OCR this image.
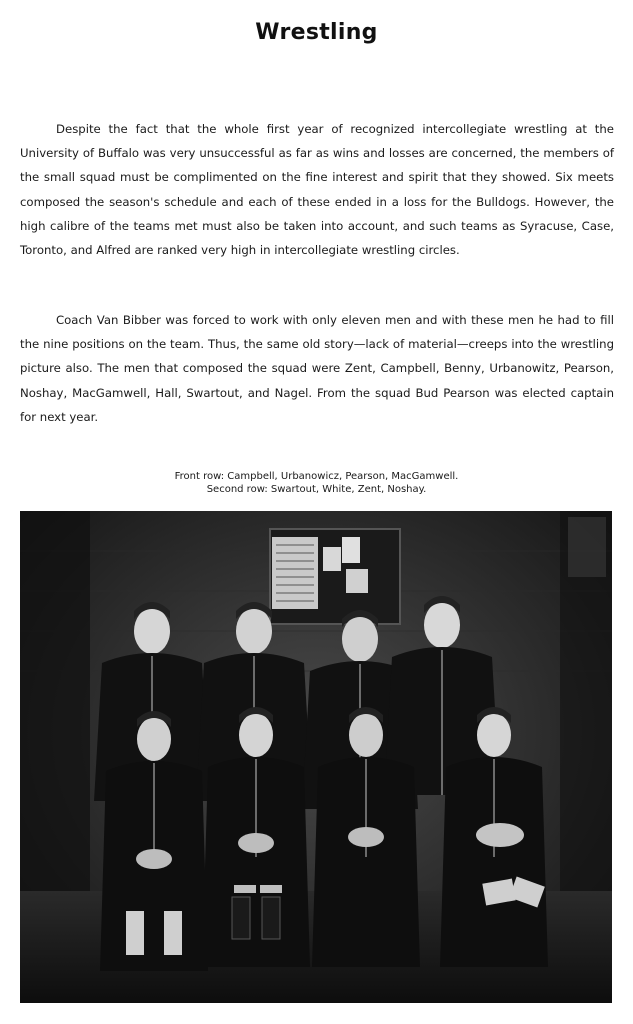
Wrestling

Despite the fact that the whole first year of recognized intercollegiate wrestling at the University of Buffalo was very unsuccessful as far as wins and losses are concerned, the members of the small squad must be complimented on the fine interest and spirit that they showed. Six meets composed the season's schedule and each of these ended in a loss for the Bulldogs. However, the high calibre of the teams met must also be taken into account, and such teams as Syracuse, Case, Toronto, and Alfred are ranked very high in intercollegiate wrestling circles.

Coach Van Bibber was forced to work with only eleven men and with these men he had to fill the nine positions on the team. Thus, the same old story—lack of material—creeps into the wrestling picture also. The men that composed the squad were Zent, Campbell, Benny, Urbanowitz, Pearson, Noshay, MacGamwell, Hall, Swartout, and Nagel. From the squad Bud Pearson was elected captain for next year.

Front row: Campbell, Urbanowicz, Pearson, MacGamwell.
Second row: Swartout, White, Zent, Noshay.
